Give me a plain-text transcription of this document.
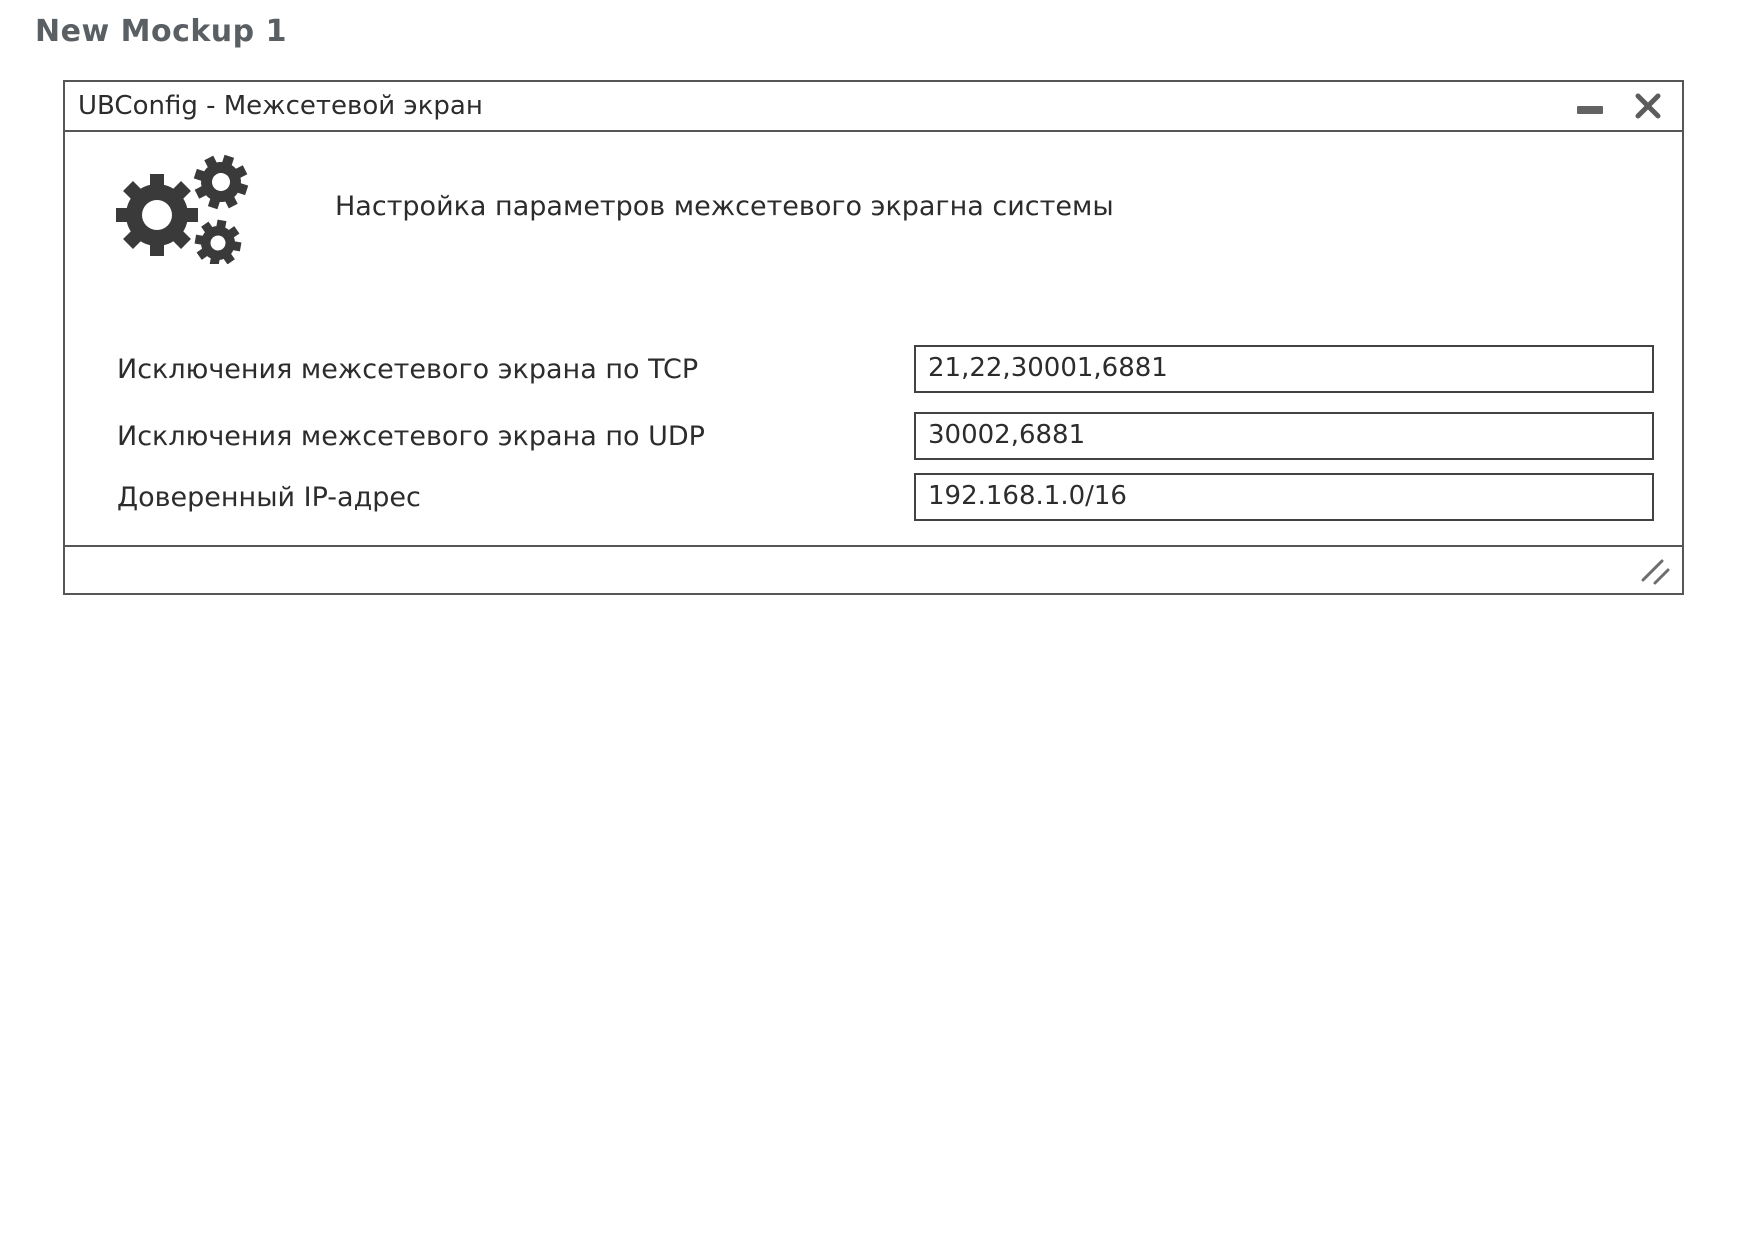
New Mockup 1
UBConfig - Межсетевой экран
Настройка параметров межсетевого экрагна системы
Исключения межсетевого экрана по TCP
21,22,30001,6881
Исключения межсетевого экрана по UDP
30002,6881
Доверенный IP-адрес
192.168.1.0/16
